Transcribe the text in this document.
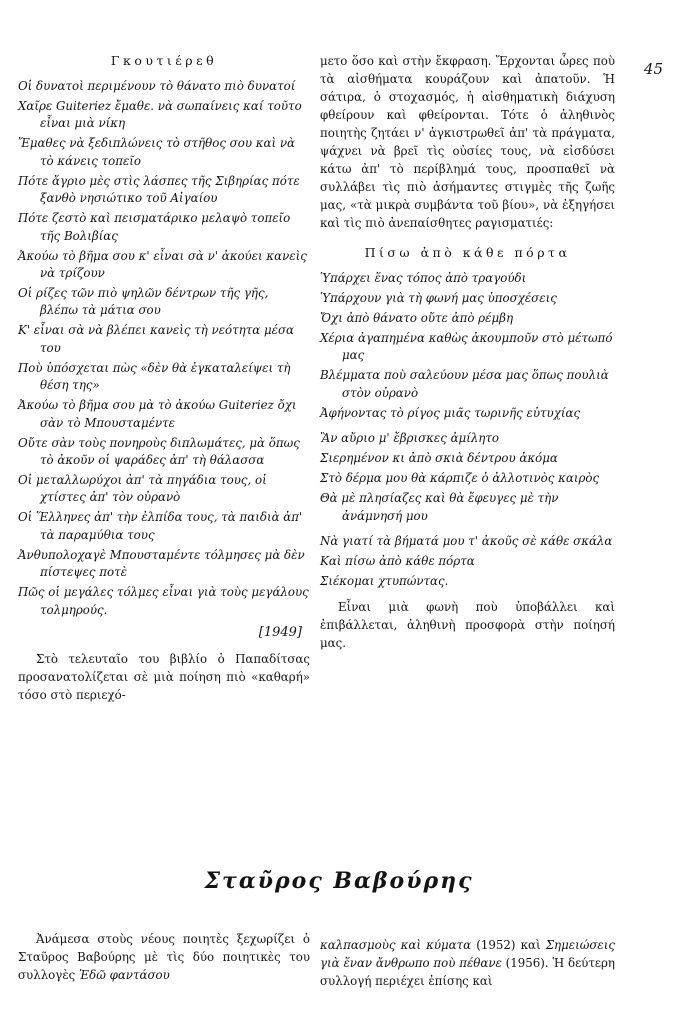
45
Γκουτιέρεθ
Οἱ δυνατοὶ περιμένουν τὸ θάνατο πιὸ δυνατοί
Χαῖρε Guiteriez ἔμαθε. νὰ σωπαίνεις καί τοῦτο εἶναι μιὰ νίκη
Ἔμαθες νὰ ξεδιπλώνεις τὸ στῆθος σου καὶ νὰ τὸ κάνεις τοπεῖο
Πότε ἄγριο μὲς στὶς λάσπες τῆς Σιβηρίας πότε ξανθὸ νησιώτικο τοῦ Αἰγαίου
Πότε ζεστὸ καὶ πεισματάρικο μελαψὸ τοπεῖο τῆς Βολιβίας
Ἀκούω τὸ βῆμα σου κ' εἶναι σὰ ν' ἀκούει κανεὶς νὰ τρίζουν
Οἱ ρίζες τῶν πιὸ ψηλῶν δέντρων τῆς γῆς, βλέπω τὰ μάτια σου
Κ' εἶναι σὰ νὰ βλέπει κανεὶς τὴ νεότητα μέσα του
Ποὺ ὑπόσχεται πὼς «δὲν θὰ ἐγκαταλείψει τὴ θέση της»
Ἀκούω τὸ βῆμα σου μὰ τὸ ἀκούω Guiteriez ὄχι σὰν τὸ Μπουσταμέντε
Οὔτε σὰν τοὺς πονηροὺς διπλωμάτες, μὰ ὅπως τὸ ἀκοῦν οἱ ψαράδες ἀπ' τὴ θάλασσα
Οἱ μεταλλωρύχοι ἀπ' τὰ πηγάδια τους, οἱ χτίστες ἀπ' τὸν οὐρανὸ
Οἱ Ἕλληνες ἀπ' τὴν ἐλπίδα τους, τὰ παιδιὰ ἀπ' τὰ παραμύθια τους
Ἀνθυπολοχαγὲ Μπουσταμέντε τόλμησες μὰ δὲν πίστεψες ποτὲ
Πῶς οἱ μεγάλες τόλμες εἶναι γιὰ τοὺς μεγάλους τολμηρούς.
[1949]

Στὸ τελευταῖο του βιβλίο ὁ Παπαδίτσας προσανατολίζεται σὲ μιὰ ποίηση πιὸ «καθαρή» τόσο στὸ περιεχό-

μετο ὅσο καὶ στὴν ἔκφραση. Ἔρχονται ὧρες ποὺ τὰ αἰσθήματα κουράζουν καὶ ἀπατοῦν. Ἡ σάτιρα, ὁ στοχασμός, ἡ αἰσθηματικὴ διάχυση φθείρουν καὶ φθείρονται. Τότε ὁ ἀληθινὸς ποιητὴς ζητάει ν' ἀγκιστρωθεῖ ἀπ' τὰ πράγματα, ψάχνει νὰ βρεῖ τὶς οὐσίες τους, νὰ εἰσδύσει κάτω ἀπ' τὸ περίβλημά τους, προσπαθεῖ νὰ συλλάβει τὶς πιὸ ἀσήμαντες στιγμὲς τῆς ζωῆς μας, «τὰ μικρὰ συμβάντα τοῦ βίου», νὰ ἐξηγήσει καὶ τὶς πιὸ ἀνεπαίσθητες ραγισματιές:

Πίσω ἀπὸ κάθε πόρτα
Ὑπάρχει ἕνας τόπος ἀπὸ τραγούδι
Ὑπάρχουν γιὰ τὴ φωνή μας ὑποσχέσεις
Ὄχι ἀπὸ θάνατο οὔτε ἀπὸ ρέμβη
Χέρια ἀγαπημένα καθὼς ἀκουμποῦν στὸ μέτωπό μας
Βλέμματα ποὺ σαλεύουν μέσα μας ὅπως πουλιὰ στὸν οὐρανὸ
Ἀφήνοντας τὸ ρίγος μιᾶς τωρινῆς εὐτυχίας
Ἂν αὔριο μ' ἔβρισκες ἀμίλητο
Σιερημένον κι ἀπὸ σκιὰ δέντρου ἀκόμα
Στὸ δέρμα μου θὰ κάρπιζε ὁ ἀλλοτινὸς καιρὸς
Θὰ μὲ πλησίαζες καὶ θὰ ἔφευγες μὲ τὴν ἀνάμνησή μου
Νὰ γιατί τὰ βήματά μου τ' ἀκοῦς σὲ κάθε σκάλα
Καὶ πίσω ἀπὸ κάθε πόρτα
Σιέκομαι χτυπώντας.

Εἶναι μιὰ φωνὴ ποὺ ὑποβάλλει καὶ ἐπιβάλλεται, ἀληθινὴ προσφορὰ στὴν ποίησή μας.

Σταῦρος Βαβούρης

Ἀνάμεσα στοὺς νέους ποιητὲς ξεχωρίζει ὁ Σταῦρος Βαβούρης μὲ τὶς δύο ποιητικὲς του συλλογὲς Ἐδῶ φαντάσου

καλπασμοὺς καὶ κύματα (1952) καὶ Σημειώσεις γιὰ ἕναν ἄνθρωπο ποὺ πέθανε (1956). Ἡ δεύτερη συλλογή περιέχει ἐπίσης καὶ
